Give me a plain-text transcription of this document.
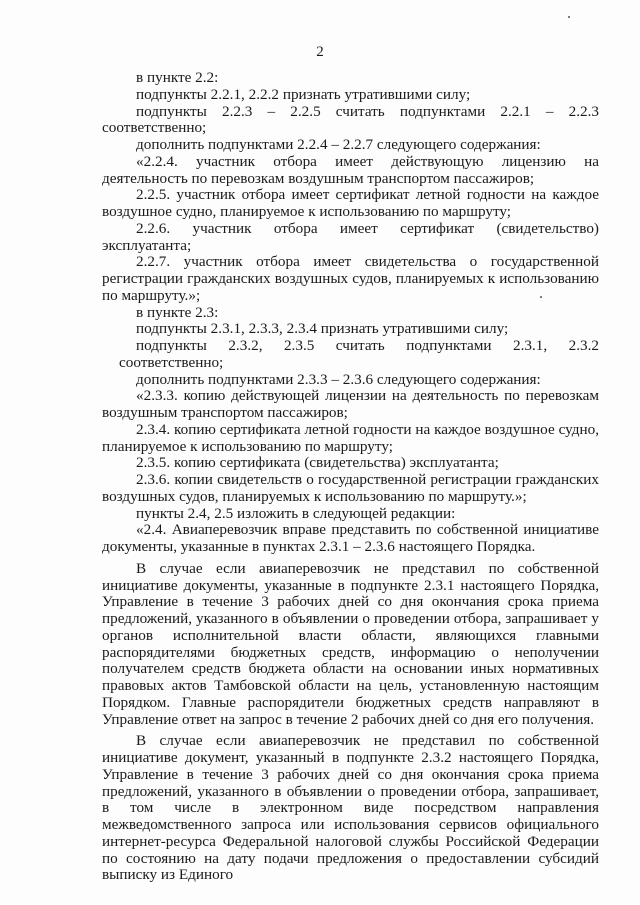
2

в пункте 2.2:

подпункты 2.2.1, 2.2.2 признать утратившими силу;

подпункты 2.2.3 – 2.2.5 считать подпунктами 2.2.1 – 2.2.3 соответственно;

дополнить подпунктами 2.2.4 – 2.2.7 следующего содержания:

«2.2.4. участник отбора имеет действующую лицензию на деятельность по перевозкам воздушным транспортом пассажиров;

2.2.5. участник отбора имеет сертификат летной годности на каждое воздушное судно, планируемое к использованию по маршруту;

2.2.6. участник отбора имеет сертификат (свидетельство) эксплуатанта;

2.2.7. участник отбора имеет свидетельства о государственной регистрации гражданских воздушных судов, планируемых к использованию по маршруту.»;

в пункте 2.3:

подпункты 2.3.1, 2.3.3, 2.3.4 признать утратившими силу;

подпункты 2.3.2, 2.3.5 считать подпунктами 2.3.1, 2.3.2 соответственно;

дополнить подпунктами 2.3.3 – 2.3.6 следующего содержания:

«2.3.3. копию действующей лицензии на деятельность по перевозкам воздушным транспортом пассажиров;

2.3.4. копию сертификата летной годности на каждое воздушное судно, планируемое к использованию по маршруту;

2.3.5. копию сертификата (свидетельства) эксплуатанта;

2.3.6. копии свидетельств о государственной регистрации гражданских воздушных судов, планируемых к использованию по маршруту.»;

пункты 2.4, 2.5 изложить в следующей редакции:

«2.4. Авиаперевозчик вправе представить по собственной инициативе документы, указанные в пунктах 2.3.1 – 2.3.6 настоящего Порядка.

В случае если авиаперевозчик не представил по собственной инициативе документы, указанные в подпункте 2.3.1 настоящего Порядка, Управление в течение 3 рабочих дней со дня окончания срока приема предложений, указанного в объявлении о проведении отбора, запрашивает у органов исполнительной власти области, являющихся главными распорядителями бюджетных средств, информацию о неполучении получателем средств бюджета области на основании иных нормативных правовых актов Тамбовской области на цель, установленную настоящим Порядком. Главные распорядители бюджетных средств направляют в Управление ответ на запрос в течение 2 рабочих дней со дня его получения.

В случае если авиаперевозчик не представил по собственной инициативе документ, указанный в подпункте 2.3.2 настоящего Порядка, Управление в течение 3 рабочих дней со дня окончания срока приема предложений, указанного в объявлении о проведении отбора, запрашивает, в том числе в электронном виде посредством направления межведомственного запроса или использования сервисов официального интернет-ресурса Федеральной налоговой службы Российской Федерации по состоянию на дату подачи предложения о предоставлении субсидий выписку из Единого
